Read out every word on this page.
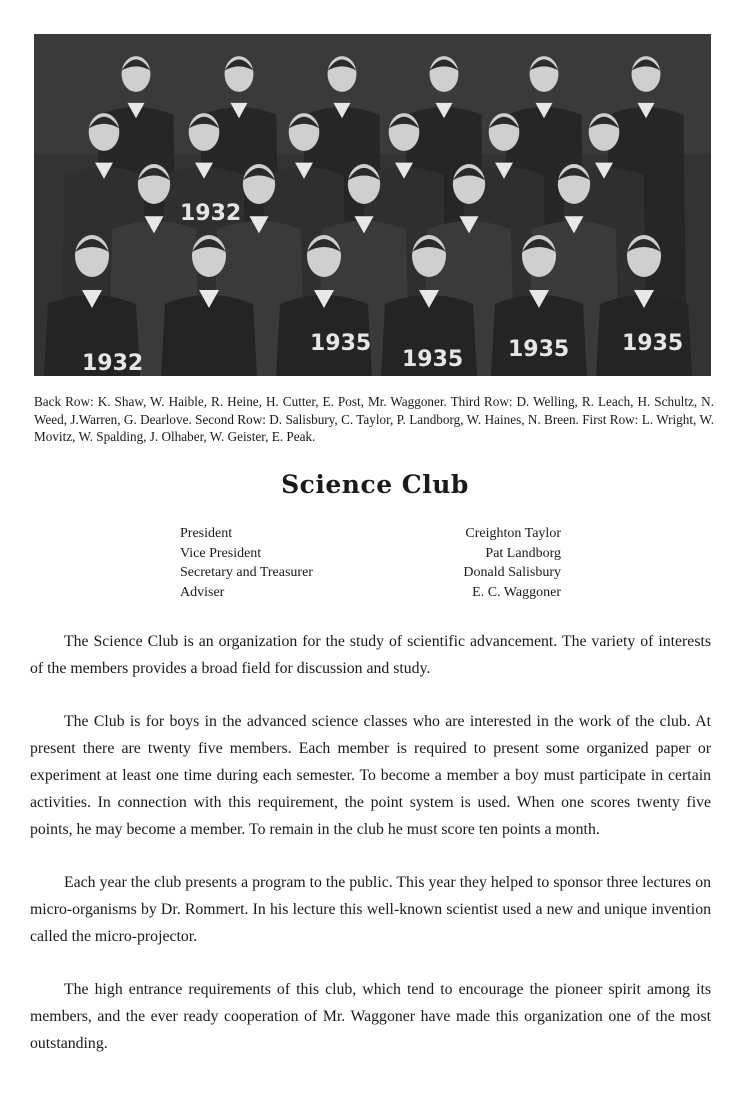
1932
1932
1935
1935 1935 1935
Back Row: K. Shaw, W. Haible, R. Heine, H. Cutter, E. Post, Mr. Waggoner. Third Row: D. Welling, R. Leach, H. Schultz, N. Weed, J.Warren, G. Dearlove. Second Row: D. Salisbury, C. Taylor, P. Landborg, W. Haines, N. Breen. First Row: L. Wright, W. Movitz, W. Spalding, J. Olhaber, W. Geister, E. Peak.
Science Club
President	Creighton Taylor
Vice President	Pat Landborg
Secretary and Treasurer	Donald Salisbury
Adviser	E. C. Waggoner

The Science Club is an organization for the study of scientific advancement. The variety of interests of the members provides a broad field for discussion and study.

The Club is for boys in the advanced science classes who are interested in the work of the club. At present there are twenty five members. Each member is required to present some organized paper or experiment at least one time during each semester. To become a member a boy must participate in certain activities. In connection with this requirement, the point system is used. When one scores twenty five points, he may become a member. To remain in the club he must score ten points a month.

Each year the club presents a program to the public. This year they helped to sponsor three lectures on micro-organisms by Dr. Rommert. In his lecture this well-known scientist used a new and unique invention called the micro-projector.

The high entrance requirements of this club, which tend to encourage the pioneer spirit among its members, and the ever ready cooperation of Mr. Waggoner have made this organization one of the most outstanding.
